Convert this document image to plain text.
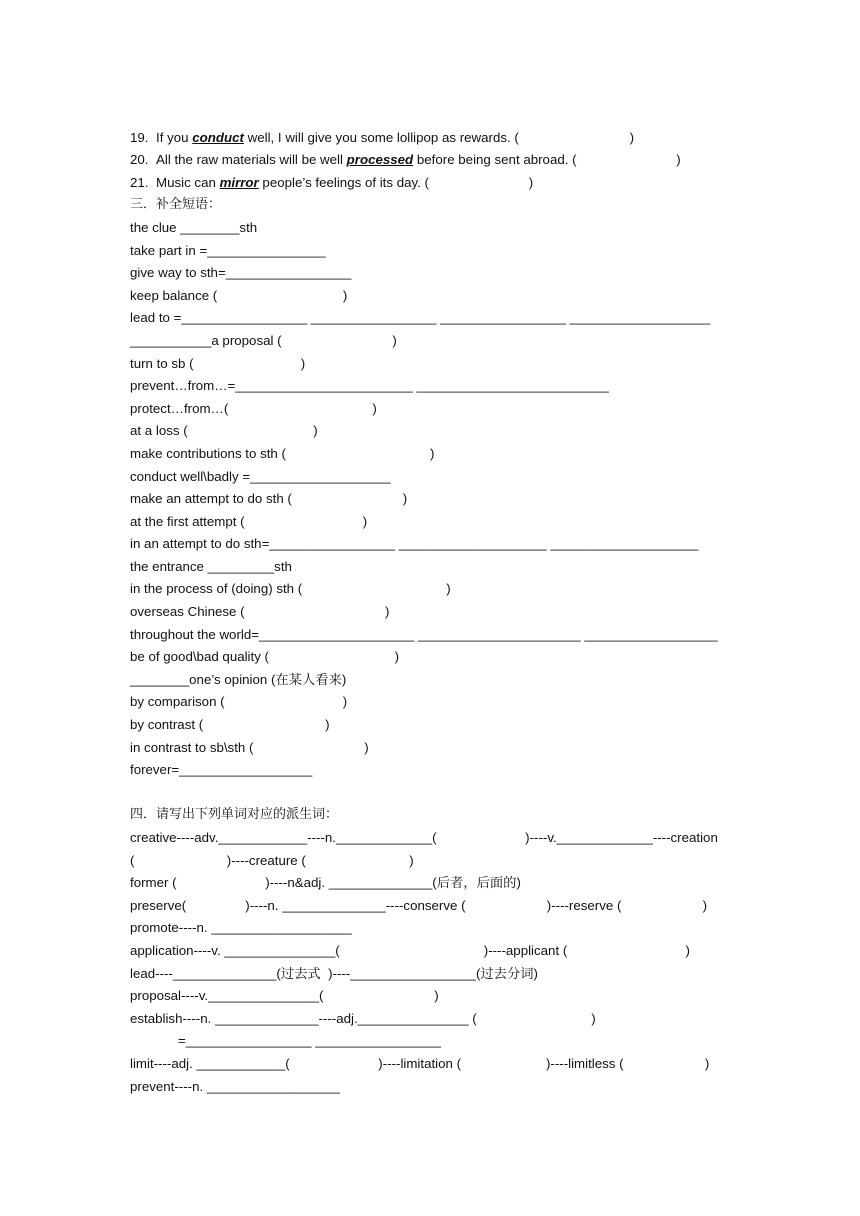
19. If you conduct well, I will give you some lollipop as rewards. (                              )

20. All the raw materials will be well processed before being sent abroad. (                           )

21. Music can mirror people’s feelings of its day. (                           )

三．补全短语：
the clue ________sth
take part in =________________
give way to sth=_________________
keep balance (                                  )
lead to =_________________ _________________ _________________ ___________________
___________a proposal (                              )
turn to sb (                             )
prevent…from…=________________________ __________________________
protect…from…(                                       )
at a loss (                                  )
make contributions to sth (                                       )
conduct well\badly =___________________
make an attempt to do sth (                              )
at the first attempt (                                )
in an attempt to do sth=_________________ ____________________ ____________________
the entrance _________sth
in the process of (doing) sth (                                       )
overseas Chinese (                                      )
throughout the world=_____________________ ______________________ __________________
be of good\bad quality (                                  )
________one’s opinion (在某人看来)
by comparison (                                )
by contrast (                                 )
in contrast to sb\sth (                              )
forever=__________________
四．请写出下列单词对应的派生词：
creative----adv.____________----n._____________(                        )----v._____________----creation
(                         )----creature (                            )
former (                        )----n&adj. ______________(后者，后面的)
preserve(                )----n. ______________----conserve (                      )----reserve (                      )
promote----n. ___________________
application----v. _______________(                                       )----applicant (                                )
lead----______________(过去式  )----_________________(过去分词)
proposal----v._______________(                              )
establish----n. ______________----adj._______________ (                               )
=_________________ _________________
limit----adj. ____________(                        )----limitation (                       )----limitless (                      )
prevent----n. __________________
